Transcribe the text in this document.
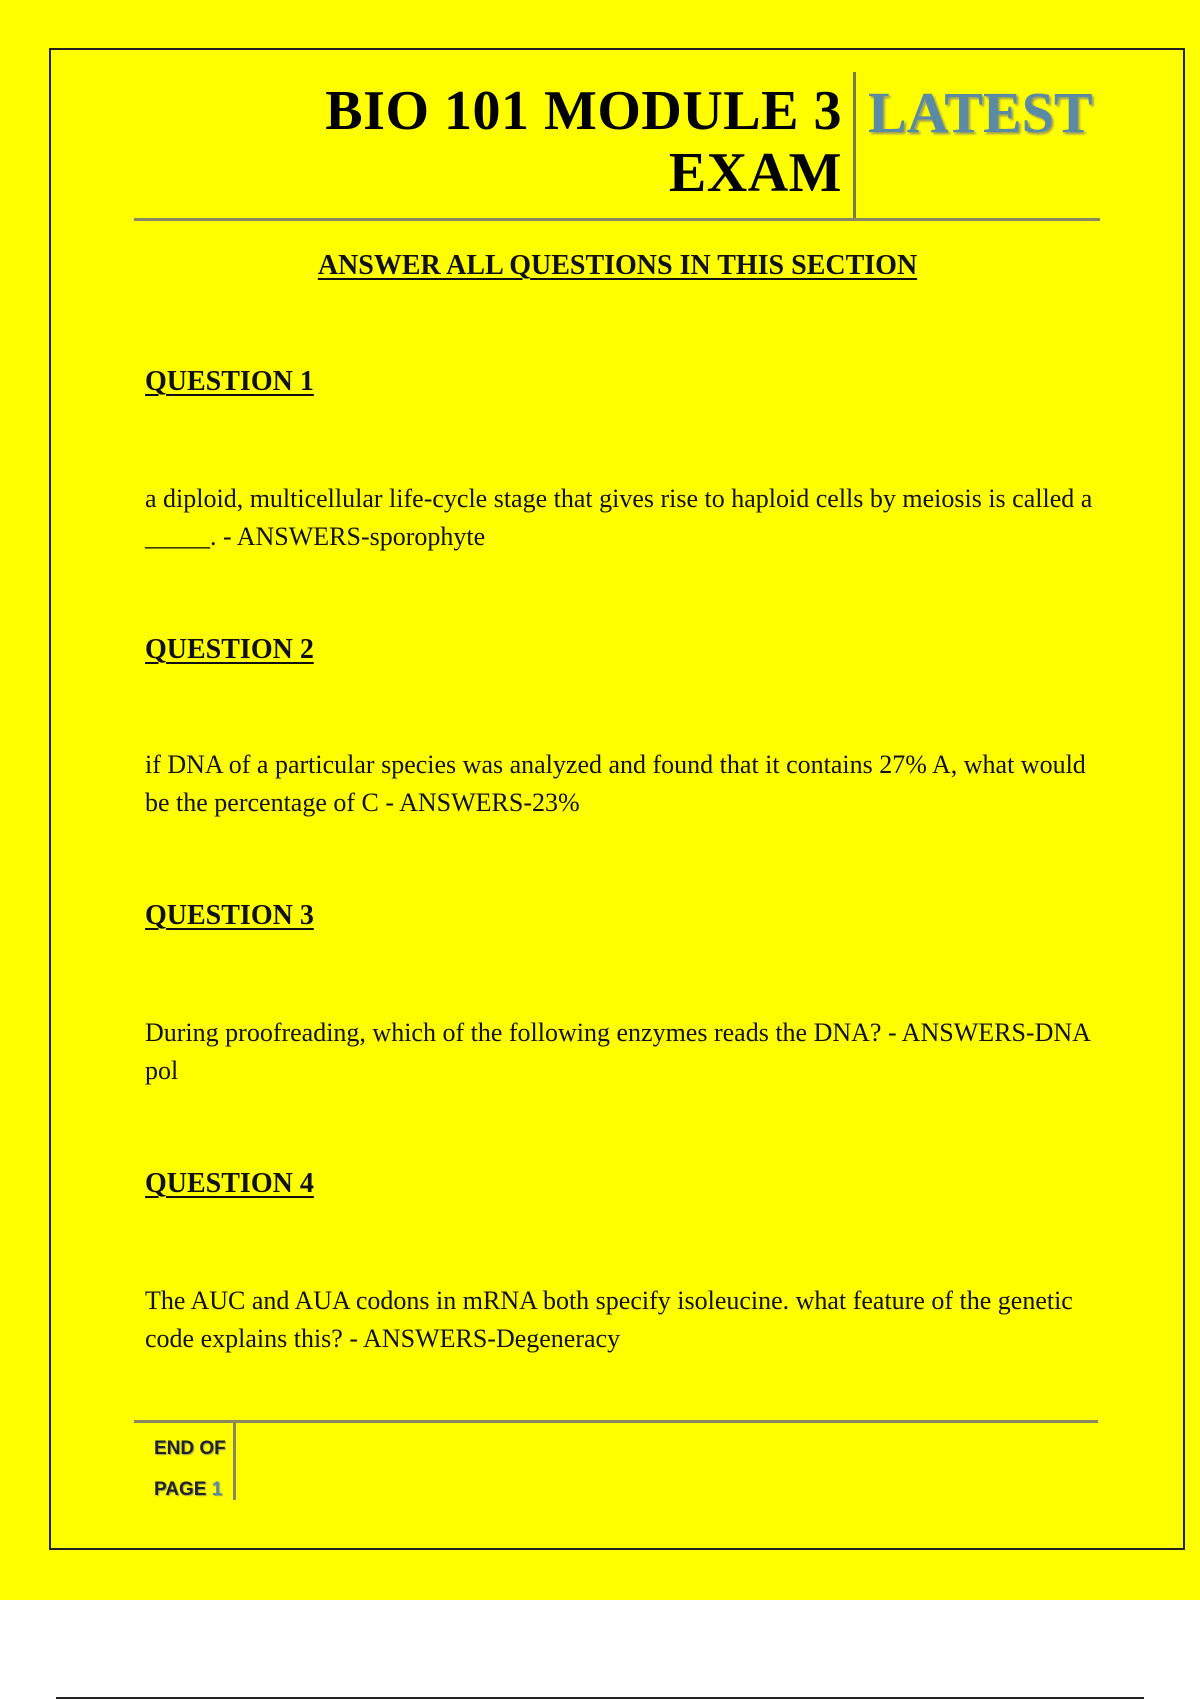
BIO 101 MODULE 3
EXAM
LATEST
ANSWER ALL QUESTIONS IN THIS SECTION
QUESTION 1
a diploid, multicellular life-cycle stage that gives rise to haploid cells by meiosis is called a _____. - ANSWERS-sporophyte
QUESTION 2
if DNA of a particular species was analyzed and found that it contains 27% A, what would be the percentage of C - ANSWERS-23%
QUESTION 3
During proofreading, which of the following enzymes reads the DNA? - ANSWERS-DNA pol
QUESTION 4
The AUC and AUA codons in mRNA both specify isoleucine. what feature of the genetic code explains this? - ANSWERS-Degeneracy
END OF
PAGE 1
